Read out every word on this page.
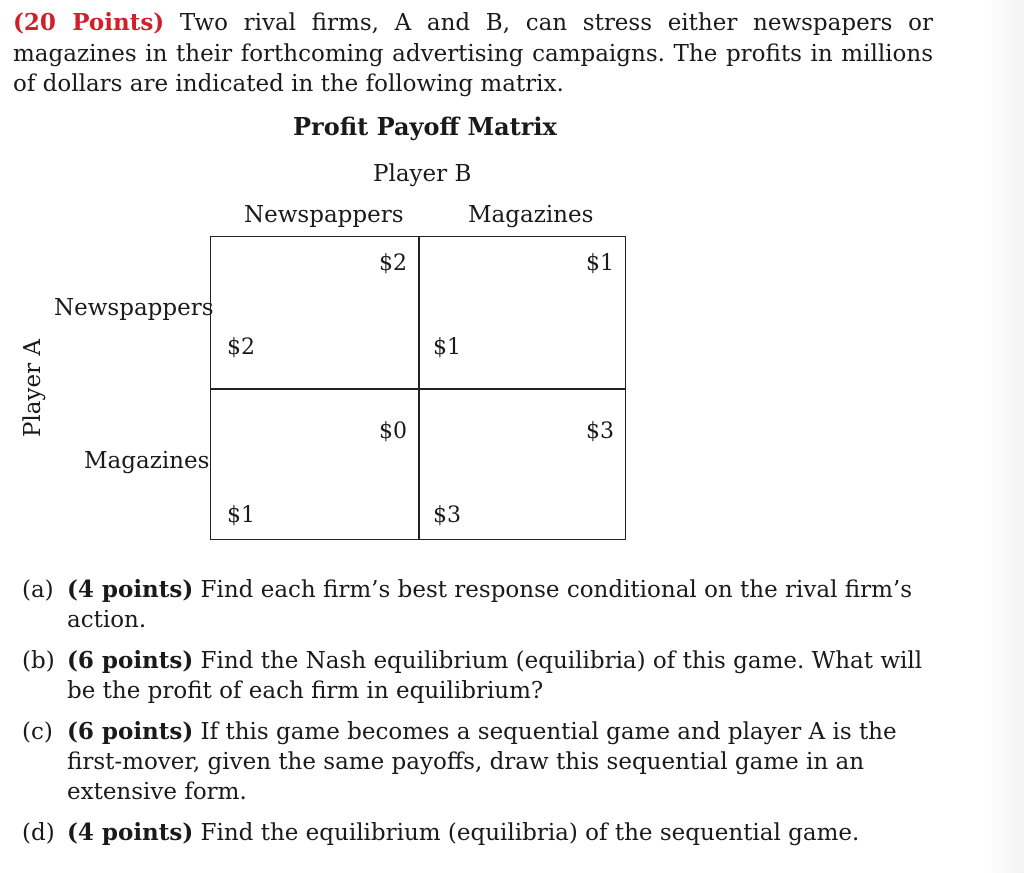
(20 Points) Two rival firms, A and B, can stress either newspapers or magazines in their forthcoming advertising campaigns. The profits in millions of dollars are indicated in the following matrix.

Profit Payoff Matrix
Player B
Newspappers	Magazines
Player A
Newspappers
Magazines
$2
$2
$1
$1
$0
$1
$3
$3
(a) (4 points) Find each firm’s best response conditional on the rival firm’s action.
(b) (6 points) Find the Nash equilibrium (equilibria) of this game. What will be the profit of each firm in equilibrium?
(c) (6 points) If this game becomes a sequential game and player A is the first-mover, given the same payoffs, draw this sequential game in an extensive form.
(d) (4 points) Find the equilibrium (equilibria) of the sequential game.
